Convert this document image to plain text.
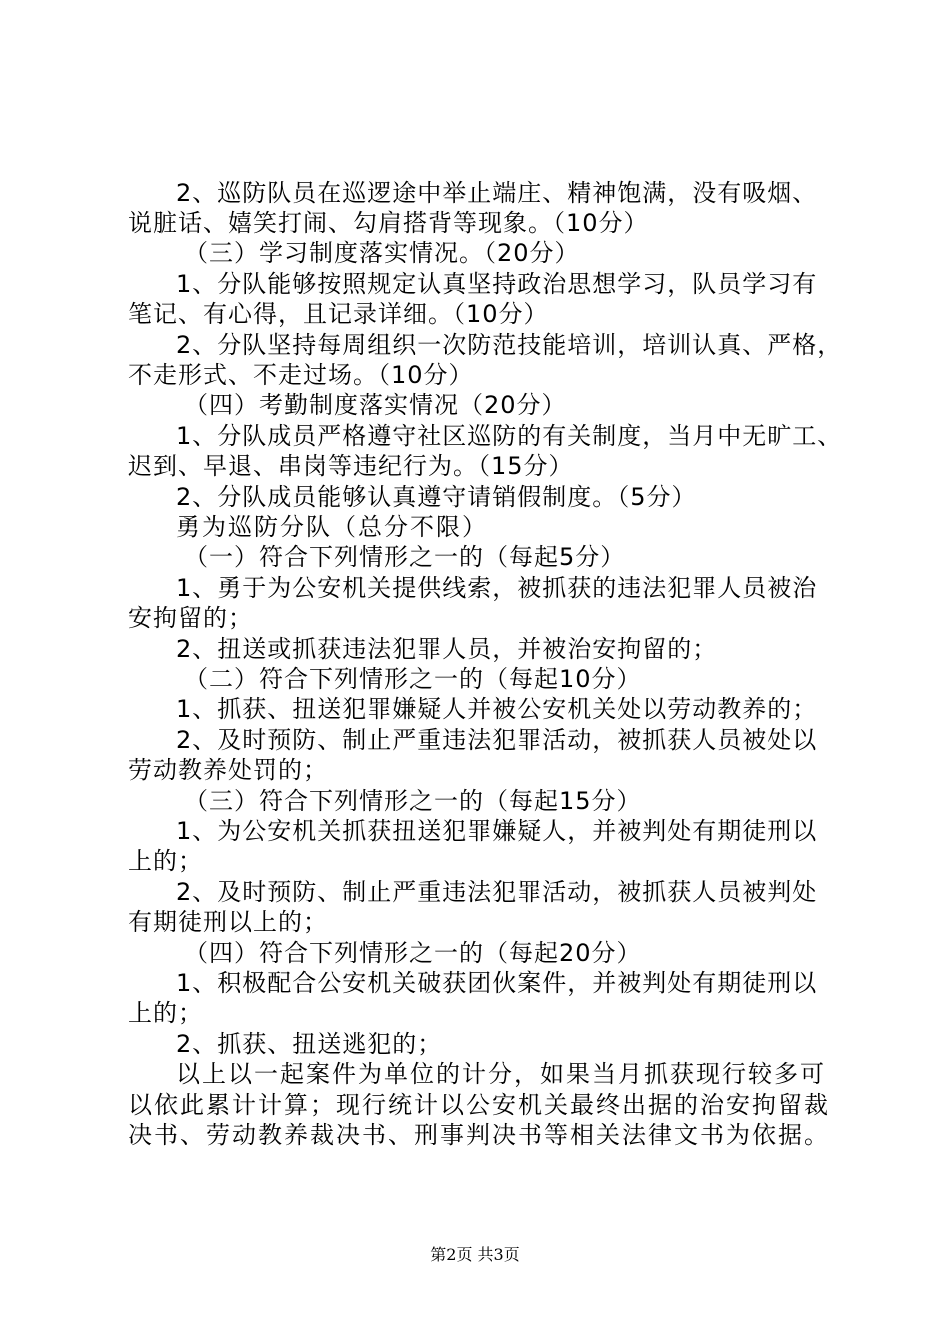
2、巡防队员在巡逻途中举止端庄、精神饱满，没有吸烟、
说脏话、嬉笑打闹、勾肩搭背等现象。（10分）
（三）学习制度落实情况。（20分）
1、分队能够按照规定认真坚持政治思想学习，队员学习有
笔记、有心得，且记录详细。（10分）
2、分队坚持每周组织一次防范技能培训，培训认真、严格，
不走形式、不走过场。（10分）
（四）考勤制度落实情况（20分）
1、分队成员严格遵守社区巡防的有关制度，当月中无旷工、
迟到、早退、串岗等违纪行为。（15分）
2、分队成员能够认真遵守请销假制度。（5分）
勇为巡防分队（总分不限）
（一）符合下列情形之一的（每起5分）
1、勇于为公安机关提供线索，被抓获的违法犯罪人员被治
安拘留的；
2、扭送或抓获违法犯罪人员，并被治安拘留的；
（二）符合下列情形之一的（每起10分）
1、抓获、扭送犯罪嫌疑人并被公安机关处以劳动教养的；
2、及时预防、制止严重违法犯罪活动，被抓获人员被处以
劳动教养处罚的；
（三）符合下列情形之一的（每起15分）
1、为公安机关抓获扭送犯罪嫌疑人，并被判处有期徒刑以
上的；
2、及时预防、制止严重违法犯罪活动，被抓获人员被判处
有期徒刑以上的；
（四）符合下列情形之一的（每起20分）
1、积极配合公安机关破获团伙案件，并被判处有期徒刑以
上的；
2、抓获、扭送逃犯的；
以上以一起案件为单位的计分，如果当月抓获现行较多可
以依此累计计算；现行统计以公安机关最终出据的治安拘留裁
决书、劳动教养裁决书、刑事判决书等相关法律文书为依据。
第2页 共3页
